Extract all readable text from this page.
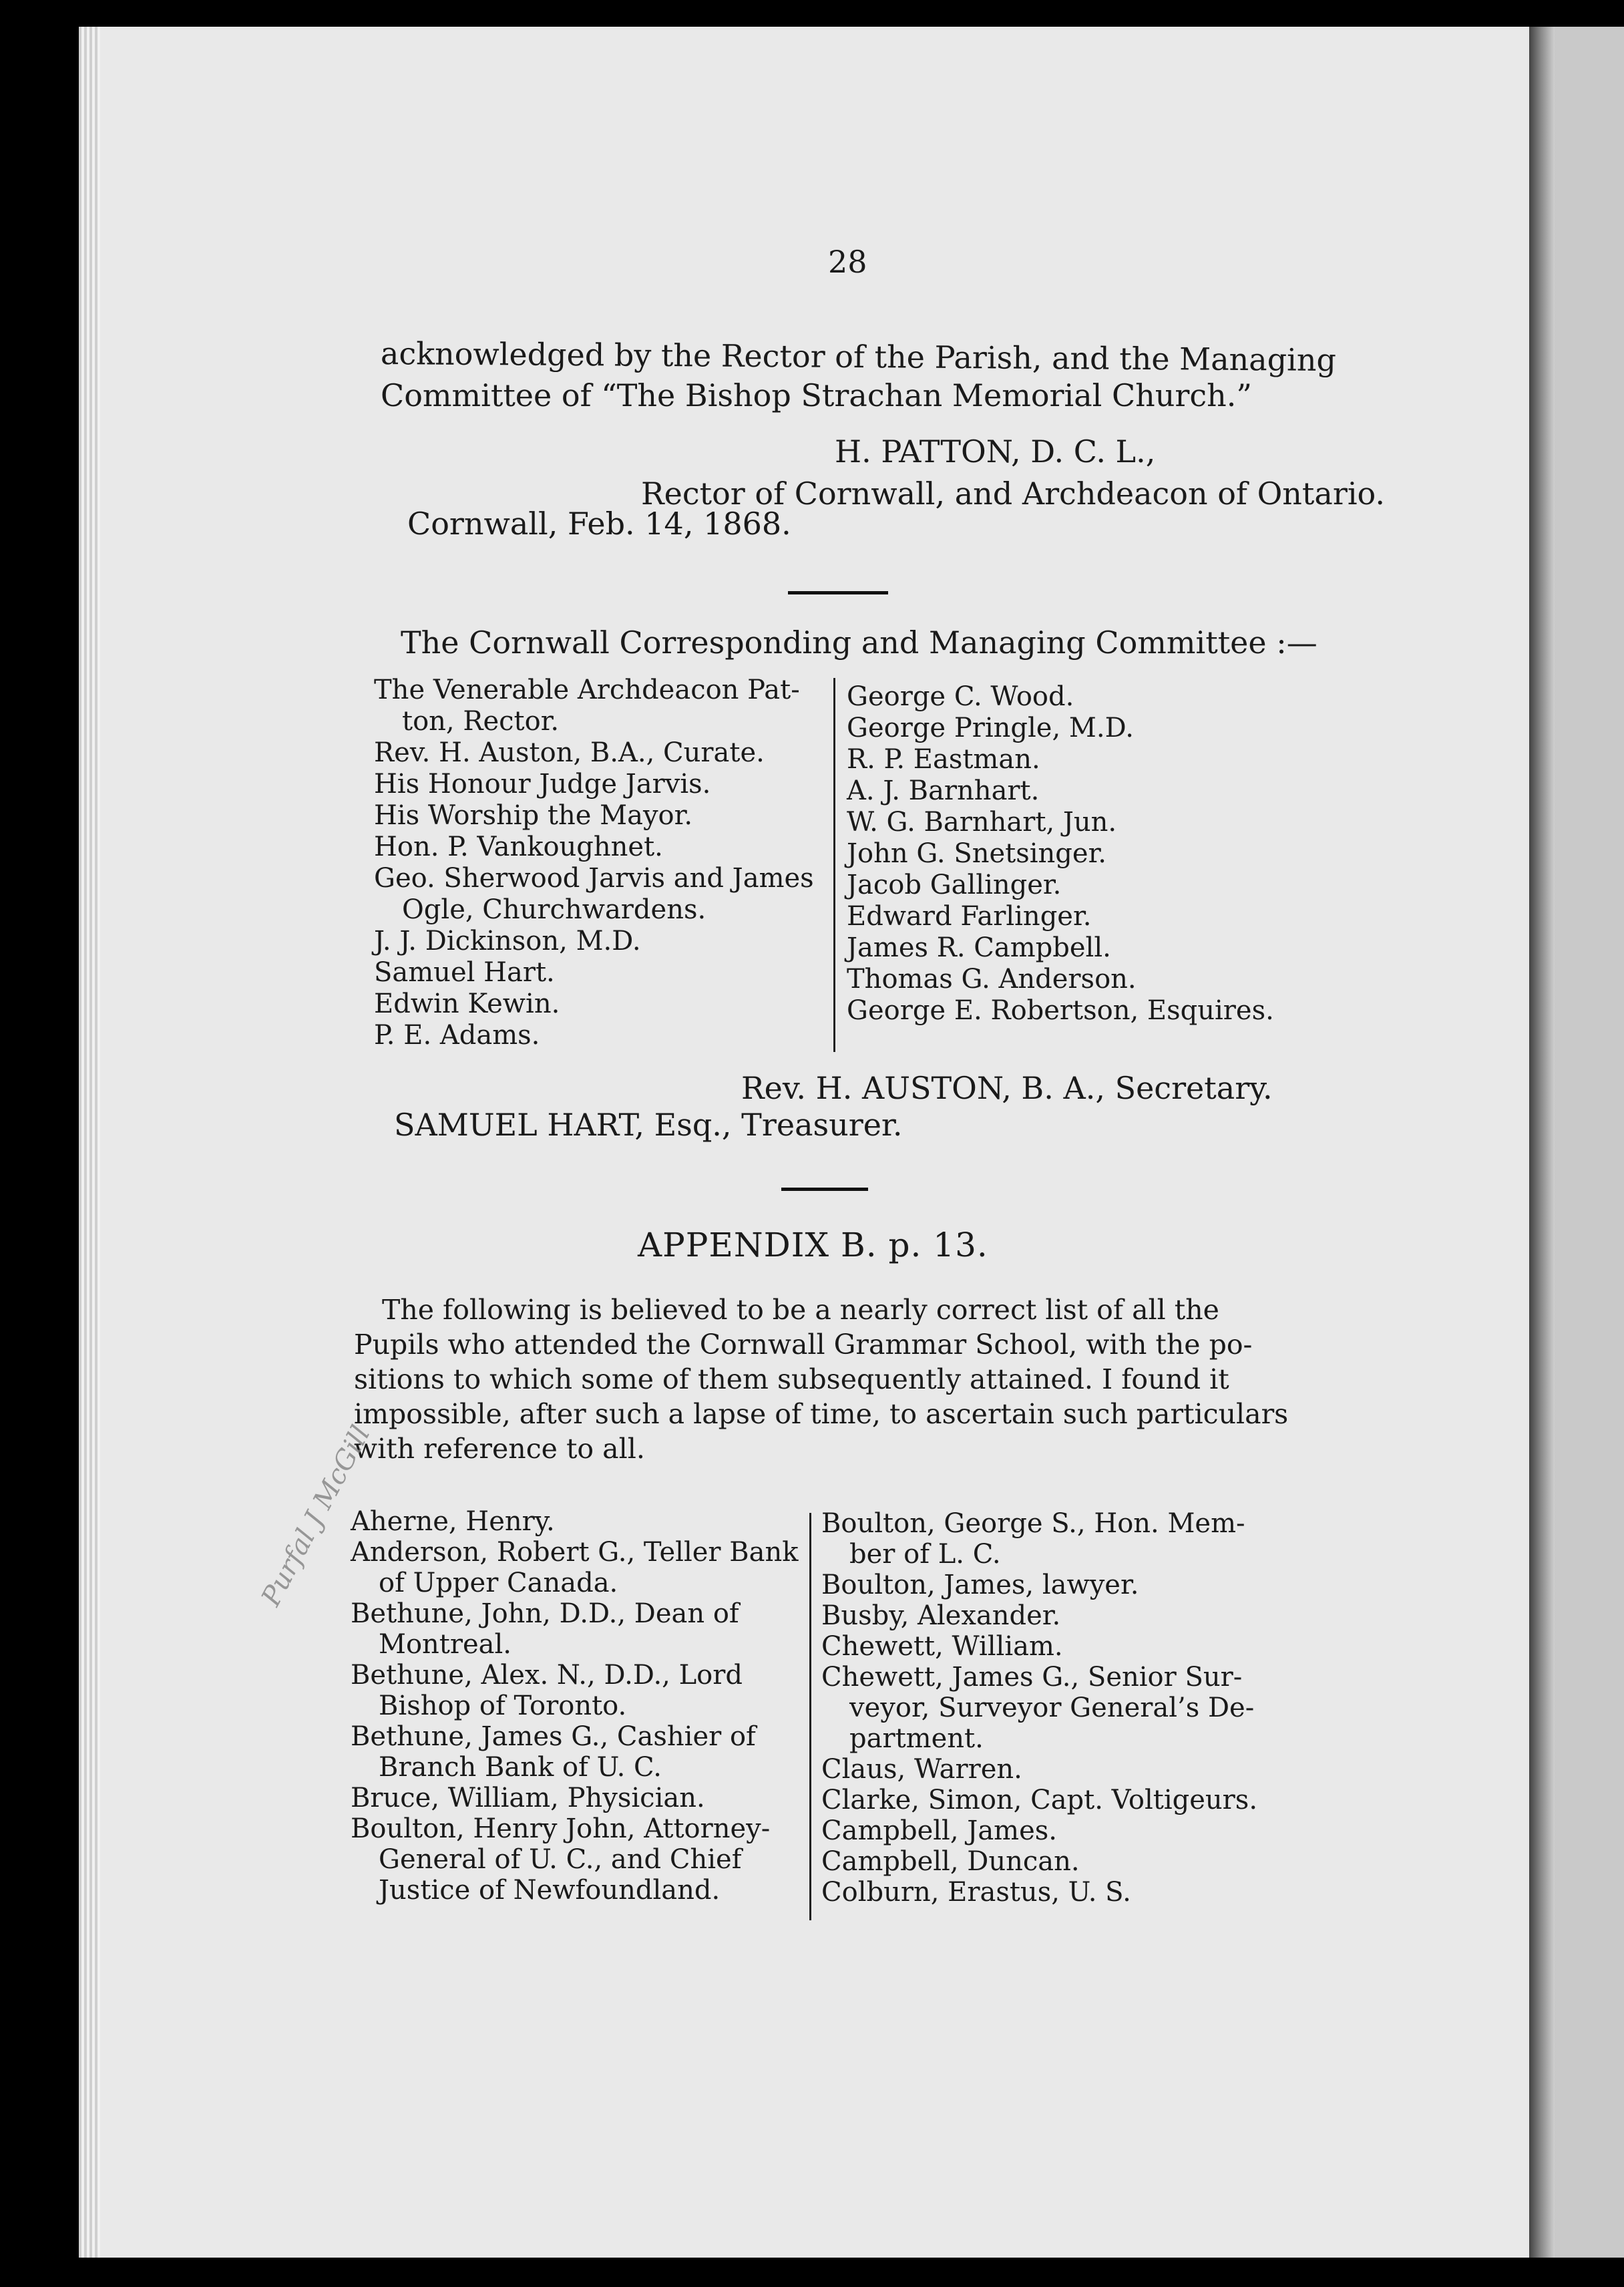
28
acknowledged by the Rector of the Parish, and the Managing
Committee of “The Bishop Strachan Memorial Church.”
H. PATTON, D. C. L.,
Rector of Cornwall, and Archdeacon of Ontario.
Cornwall, Feb. 14, 1868.
The Cornwall Corresponding and Managing Committee :—
The Venerable Archdeacon Pat-
ton, Rector.
Rev. H. Auston, B.A., Curate.
His Honour Judge Jarvis.
His Worship the Mayor.
Hon. P. Vankoughnet.
Geo. Sherwood Jarvis and James
Ogle, Churchwardens.
J. J. Dickinson, M.D.
Samuel Hart.
Edwin Kewin.
P. E. Adams.
George C. Wood.
George Pringle, M.D.
R. P. Eastman.
A. J. Barnhart.
W. G. Barnhart, Jun.
John G. Snetsinger.
Jacob Gallinger.
Edward Farlinger.
James R. Campbell.
Thomas G. Anderson.
George E. Robertson, Esquires.
Rev. H. AUSTON, B. A., Secretary.
SAMUEL HART, Esq., Treasurer.
APPENDIX B. p. 13.
The following is believed to be a nearly correct list of all the
Pupils who attended the Cornwall Grammar School, with the po-
sitions to which some of them subsequently attained. I found it
impossible, after such a lapse of time, to ascertain such particulars
with reference to all.
Aherne, Henry.
Anderson, Robert G., Teller Bank
of Upper Canada.
Bethune, John, D.D., Dean of
Montreal.
Bethune, Alex. N., D.D., Lord
Bishop of Toronto.
Bethune, James G., Cashier of
Branch Bank of U. C.
Bruce, William, Physician.
Boulton, Henry John, Attorney-
General of U. C., and Chief
Justice of Newfoundland.
Boulton, George S., Hon. Mem-
ber of L. C.
Boulton, James, lawyer.
Busby, Alexander.
Chewett, William.
Chewett, James G., Senior Sur-
veyor, Surveyor General’s De-
partment.
Claus, Warren.
Clarke, Simon, Capt. Voltigeurs.
Campbell, James.
Campbell, Duncan.
Colburn, Erastus, U. S.
Purfal J McGill
